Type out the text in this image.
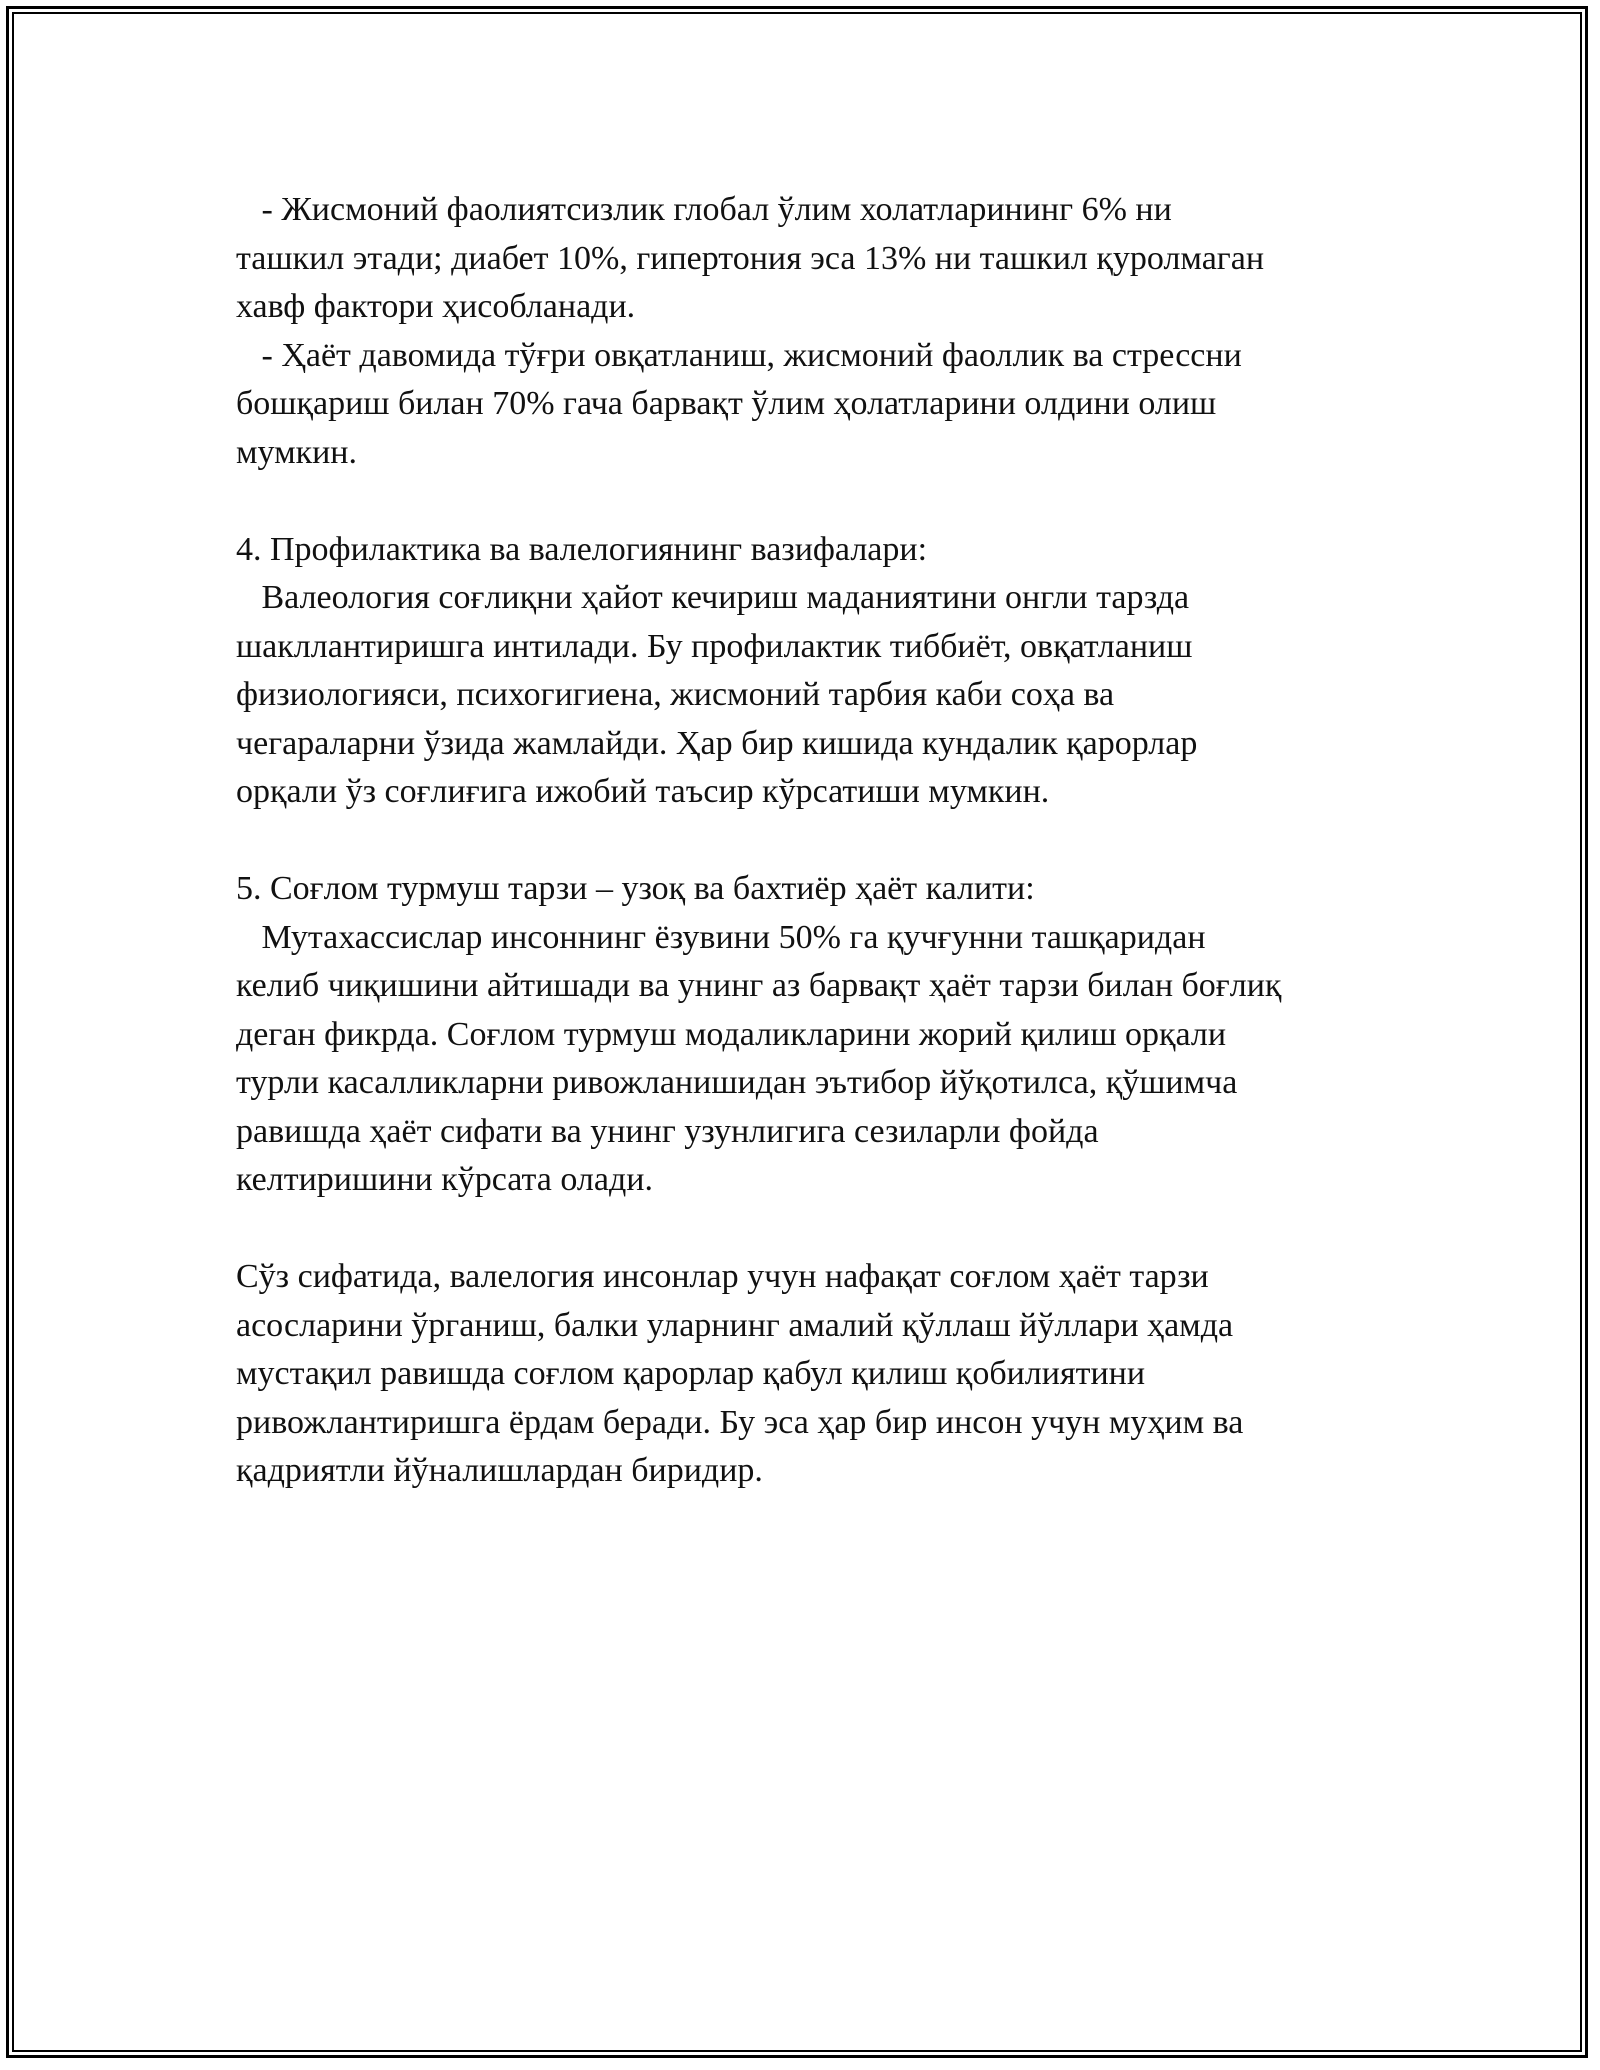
- Жисмоний фаолиятсизлик глобал ўлим холатларининг 6% ни
ташкил этади; диабет 10%, гипертония эса 13% ни ташкил қуролмаган
хавф фактори ҳисобланади.
- Ҳаёт давомида тўғри овқатланиш, жисмоний фаоллик ва стрессни
бошқариш билан 70% гача барвақт ўлим ҳолатларини олдини олиш
мумкин.
4. Профилактика ва валелогиянинг вазифалари:
Валеология соғлиқни ҳайот кечириш маданиятини онгли тарзда
шакллантиришга интилади. Бу профилактик тиббиёт, овқатланиш
физиологияси, психогигиена, жисмоний тарбия каби соҳа ва
чегараларни ўзида жамлайди. Ҳар бир кишида кундалик қарорлар
орқали ўз соғлиғига ижобий таъсир кўрсатиши мумкин.
5. Соғлом турмуш тарзи – узоқ ва бахтиёр ҳаёт калити:
Мутахассислар инсоннинг ёзувини 50% га қучғунни ташқаридан
келиб чиқишини айтишади ва унинг аз барвақт ҳаёт тарзи билан боғлиқ
деган фикрда. Соғлом турмуш модаликларини жорий қилиш орқали
турли касалликларни ривожланишидан эътибор йўқотилса, қўшимча
равишда ҳаёт сифати ва унинг узунлигига сезиларли фойда
келтиришини кўрсата олади.
Сўз сифатида, валелогия инсонлар учун нафақат соғлом ҳаёт тарзи
асосларини ўрганиш, балки уларнинг амалий қўллаш йўллари ҳамда
мустақил равишда соғлом қарорлар қабул қилиш қобилиятини
ривожлантиришга ёрдам беради. Бу эса ҳар бир инсон учун муҳим ва
қадриятли йўналишлардан биридир.
